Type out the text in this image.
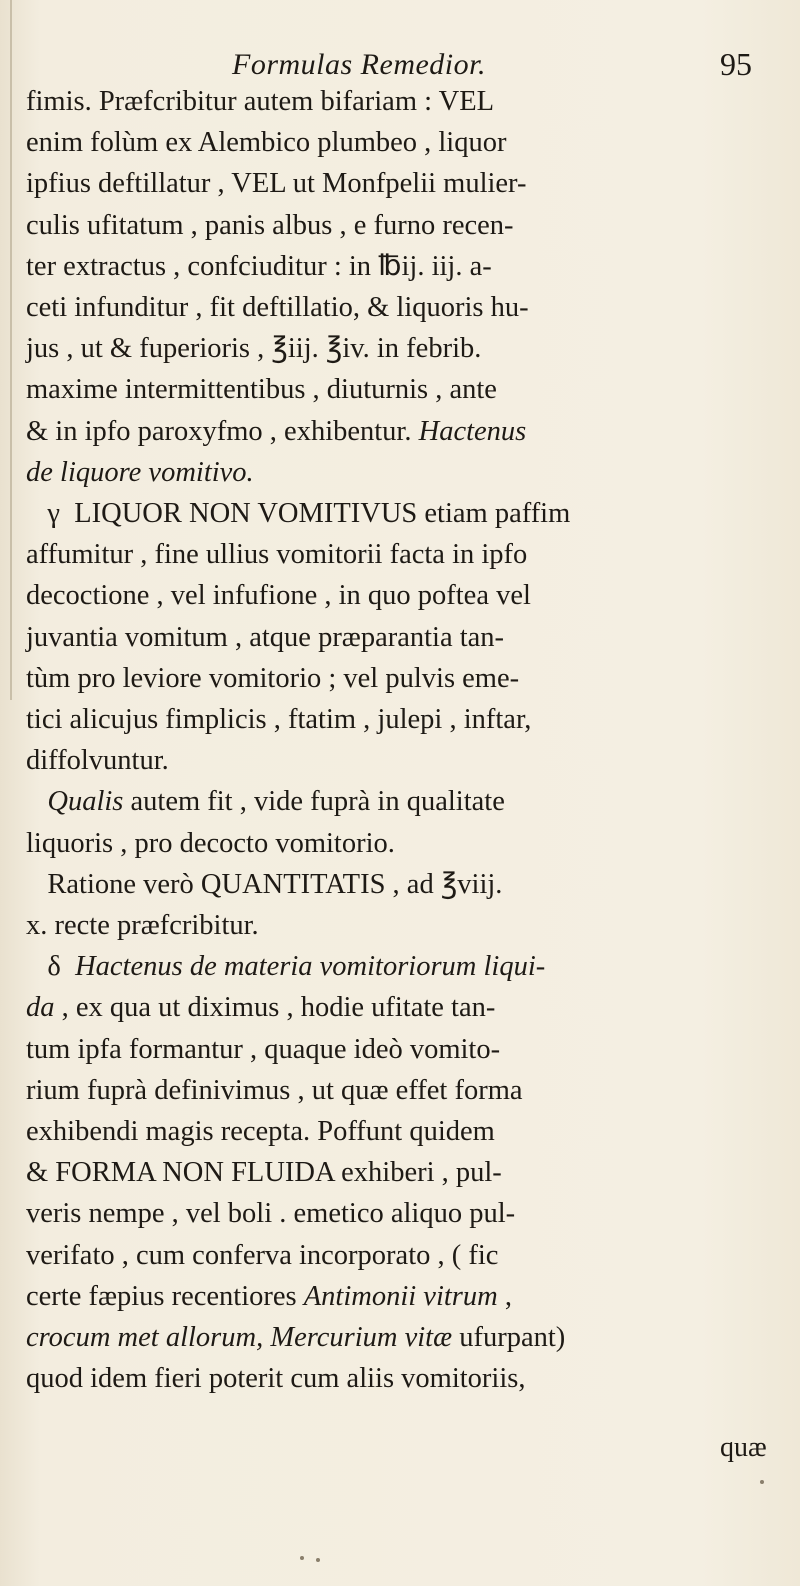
Formulas Remedior.	95
fimis. Præfcribitur autem bifariam : VEL
enim folùm ex Alembico plumbeo , liquor
ipfius deftillatur , VEL ut Monfpelii mulier-
culis ufitatum , panis albus , e furno recen-
ter extractus , confciuditur : in ℔ij. iij. a-
ceti infunditur , fit deftillatio, & liquoris hu-
jus , ut & fuperioris , ℥iij. ℥iv. in febrib.
maxime intermittentibus , diuturnis , ante
& in ipfo paroxyfmo , exhibentur. Hactenus
de liquore vomitivo.
γ  LIQUOR NON VOMITIVUS etiam paffim
affumitur , fine ullius vomitorii facta in ipfo
decoctione , vel infufione , in quo poftea vel
juvantia vomitum , atque præparantia tan-
tùm pro leviore vomitorio ; vel pulvis eme-
tici alicujus fimplicis , ftatim , julepi , inftar,
diffolvuntur.
Qualis autem fit , vide fuprà in qualitate
liquoris , pro decocto vomitorio.
Ratione verò QUANTITATIS , ad ℥viij.
x. recte præfcribitur.
δ  Hactenus de materia vomitoriorum liqui-
da , ex qua ut diximus , hodie ufitate tan-
tum ipfa formantur , quaque ideò vomito-
rium fuprà definivimus , ut quæ effet forma
exhibendi magis recepta. Poffunt quidem
& FORMA NON FLUIDA exhiberi , pul-
veris nempe , vel boli . emetico aliquo pul-
verifato , cum conferva incorporato , ( fic
certe fæpius recentiores Antimonii vitrum ,
crocum met allorum, Mercurium vitæ ufurpant)
quod idem fieri poterit cum aliis vomitoriis,
quæ
